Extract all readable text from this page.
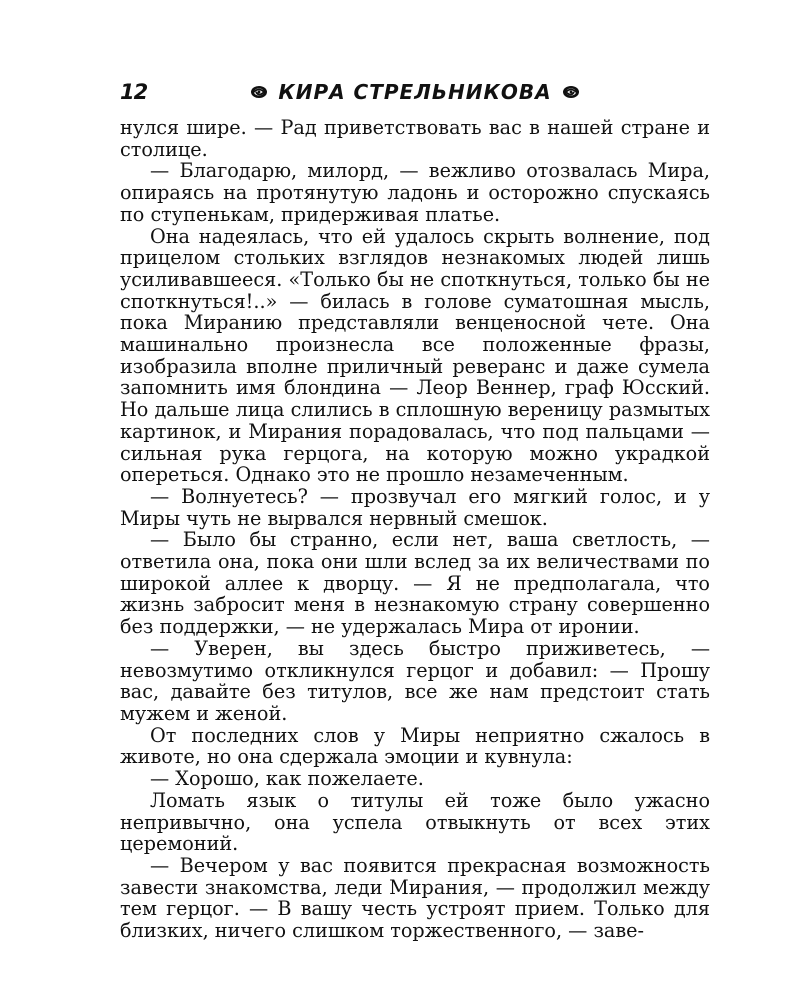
12	КИРА СТРЕЛЬНИКОВА

нулся шире. — Рад приветствовать вас в нашей стране и столице.

— Благодарю, милорд, — вежливо отозвалась Мира, опираясь на протянутую ладонь и осторожно спускаясь по ступенькам, придерживая платье.

Она надеялась, что ей удалось скрыть волнение, под прицелом стольких взглядов незнакомых людей лишь усиливавшееся. «Только бы не споткнуться, только бы не споткнуться!..» — билась в голове суматошная мысль, пока Миранию представляли венценосной чете. Она машинально произнесла все положенные фразы, изобразила вполне приличный реверанс и даже сумела запомнить имя блондина — Леор Веннер, граф Юсский. Но дальше лица слились в сплошную вереницу размытых картинок, и Мирания порадовалась, что под пальцами — сильная рука герцога, на которую можно украдкой опереться. Однако это не прошло незамеченным.

— Волнуетесь? — прозвучал его мягкий голос, и у Миры чуть не вырвался нервный смешок.

— Было бы странно, если нет, ваша светлость, — ответила она, пока они шли вслед за их величествами по широкой аллее к дворцу. — Я не предполагала, что жизнь забросит меня в незнакомую страну совершенно без поддержки, — не удержалась Мира от иронии.

— Уверен, вы здесь быстро приживетесь, — невозмутимо откликнулся герцог и добавил: — Прошу вас, давайте без титулов, все же нам предстоит стать мужем и женой.

От последних слов у Миры неприятно сжалось в животе, но она сдержала эмоции и кувнула:

— Хорошо, как пожелаете.

Ломать язык о титулы ей тоже было ужасно непривычно, она успела отвыкнуть от всех этих церемоний.

— Вечером у вас появится прекрасная возможность завести знакомства, леди Мирания, — продолжил между тем герцог. — В вашу честь устроят прием. Только для близких, ничего слишком торжественного, — заве-
